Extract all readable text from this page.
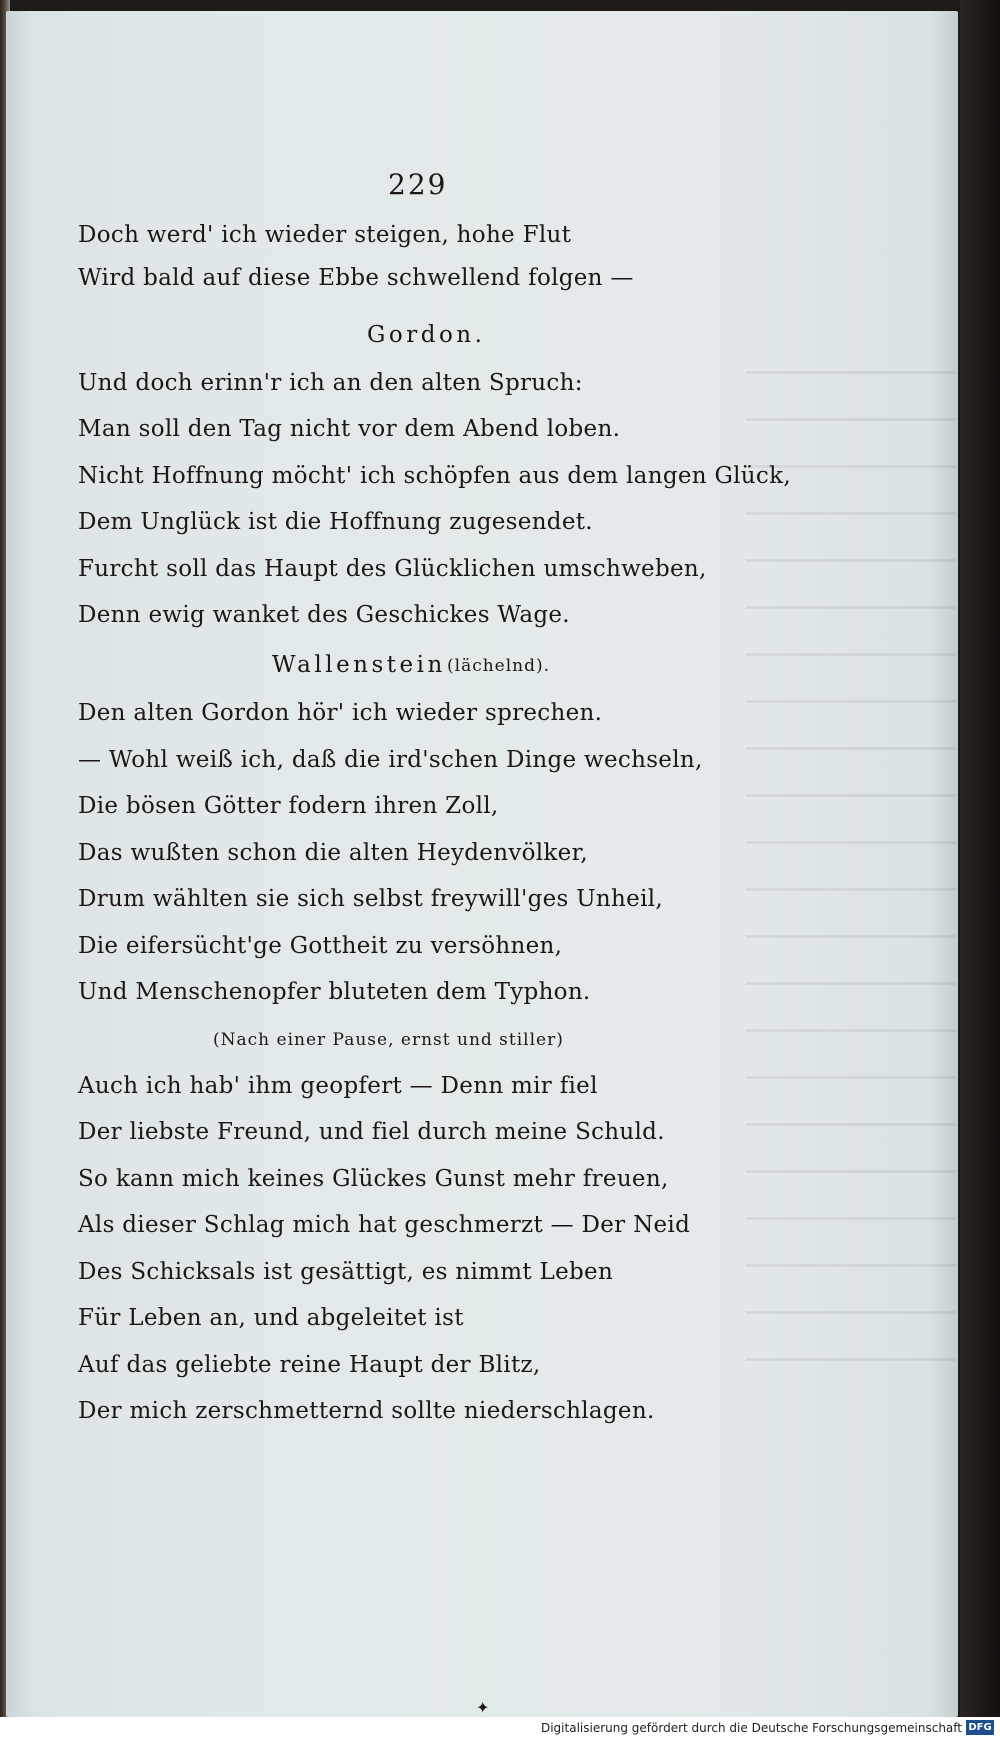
229
Doch werd' ich wieder steigen, hohe Flut
Wird bald auf diese Ebbe schwellend folgen —
Gordon.
Und doch erinn'r ich an den alten Spruch:
Man soll den Tag nicht vor dem Abend loben.
Nicht Hoffnung möcht' ich schöpfen aus dem langen Glück,
Dem Unglück ist die Hoffnung zugesendet.
Furcht soll das Haupt des Glücklichen umschweben,
Denn ewig wanket des Geschickes Wage.
Wallenstein (lächelnd).
Den alten Gordon hör' ich wieder sprechen.
— Wohl weiß ich, daß die ird'schen Dinge wechseln,
Die bösen Götter fodern ihren Zoll,
Das wußten schon die alten Heydenvölker,
Drum wählten sie sich selbst freywill'ges Unheil,
Die eifersücht'ge Gottheit zu versöhnen,
Und Menschenopfer bluteten dem Typhon.
(Nach einer Pause, ernst und stiller)
Auch ich hab' ihm geopfert — Denn mir fiel
Der liebste Freund, und fiel durch meine Schuld.
So kann mich keines Glückes Gunst mehr freuen,
Als dieser Schlag mich hat geschmerzt — Der Neid
Des Schicksals ist gesättigt, es nimmt Leben
Für Leben an, und abgeleitet ist
Auf das geliebte reine Haupt der Blitz,
Der mich zerschmetternd sollte niederschlagen.
✦
Digitalisierung gefördert durch die Deutsche Forschungsgemeinschaft DFG
